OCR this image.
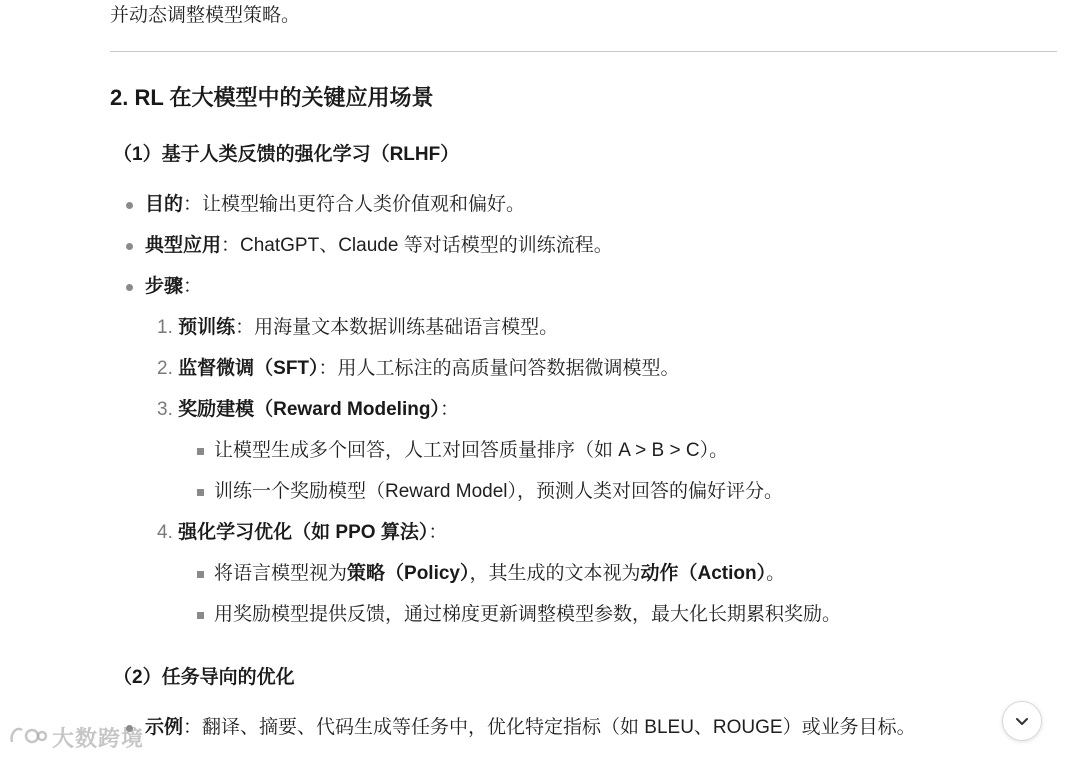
并动态调整模型策略。
2. RL 在大模型中的关键应用场景
（1）基于人类反馈的强化学习（RLHF）
目的：让模型输出更符合人类价值观和偏好。
典型应用：ChatGPT、Claude 等对话模型的训练流程。
步骤：
1. 预训练：用海量文本数据训练基础语言模型。
2. 监督微调（SFT）：用人工标注的高质量问答数据微调模型。
3. 奖励建模（Reward Modeling）：
让模型生成多个回答，人工对回答质量排序（如 A > B > C）。
训练一个奖励模型（Reward Model），预测人类对回答的偏好评分。
4. 强化学习优化（如 PPO 算法）：
将语言模型视为策略（Policy），其生成的文本视为动作（Action）。
用奖励模型提供反馈，通过梯度更新调整模型参数，最大化长期累积奖励。
（2）任务导向的优化
示例：翻译、摘要、代码生成等任务中，优化特定指标（如 BLEU、ROUGE）或业务目标。
大数跨境
